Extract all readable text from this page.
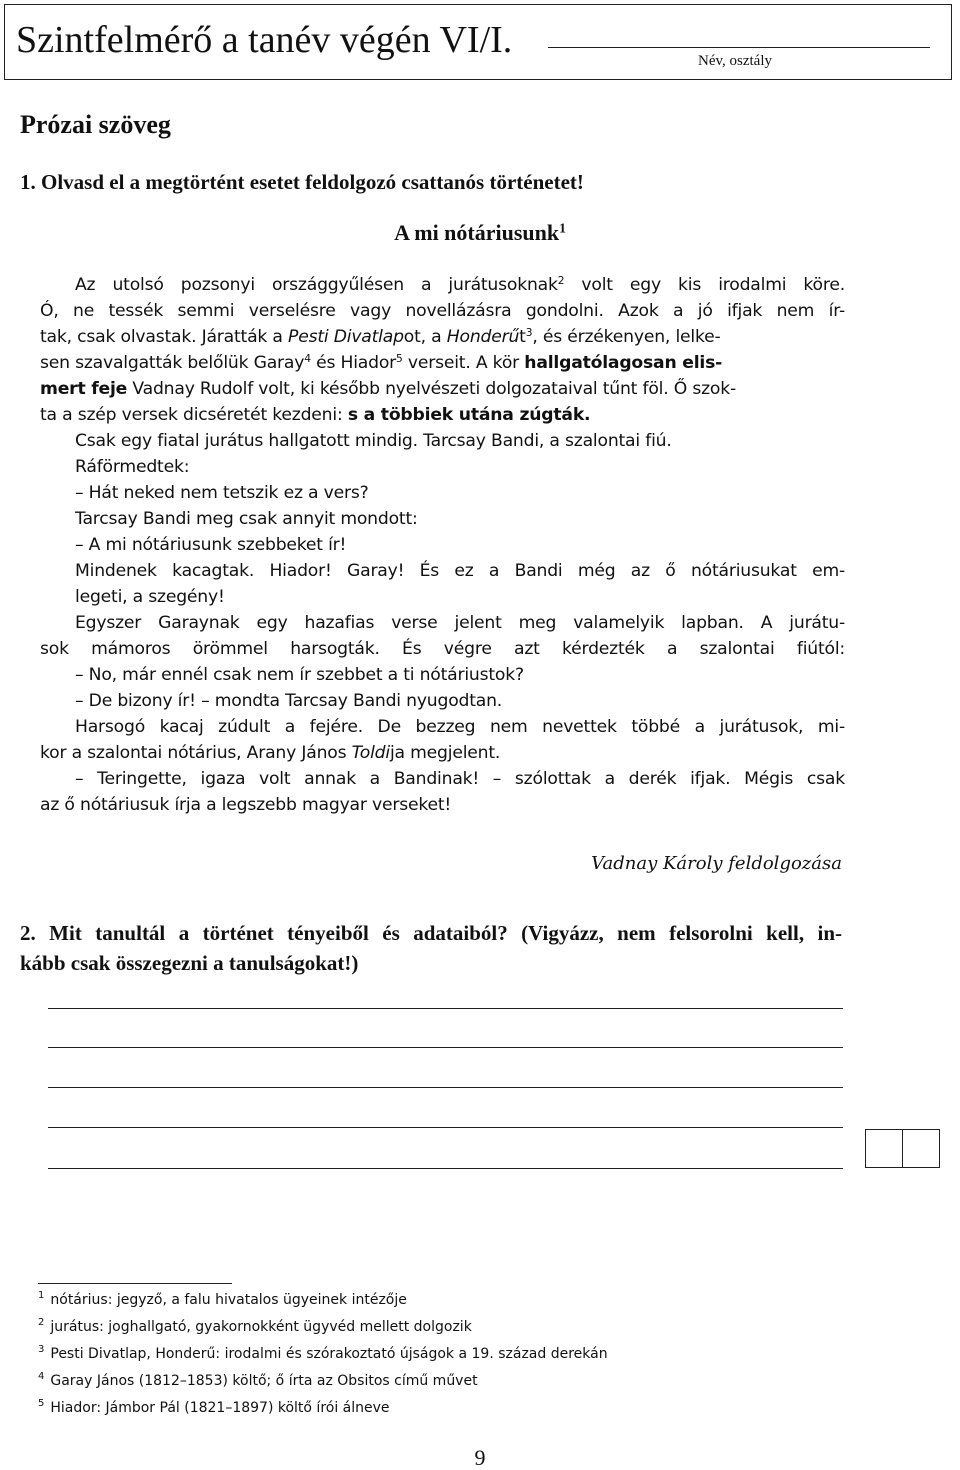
Szintfelmérő a tanév végén VI/I.	Név, osztály
Prózai szöveg
1. Olvasd el a megtörtént esetet feldolgozó csattanós történetet!
A mi nótáriusunk$^1$
Az utolsó pozsonyi országgyűlésen a jurátusoknak$^2$ volt egy kis irodalmi köre.
Ó, ne tessék semmi verselésre vagy novellázásra gondolni. Azok a jó ifjak nem ír-
tak, csak olvastak. Járatták a Pesti Divatlapot, a Honderűt$^3$, és érzékenyen, lelke-
sen szavalgatták belőlük Garay$^4$ és Hiador$^5$ verseit. A kör hallgatólagosan elis-
mert feje Vadnay Rudolf volt, ki később nyelvészeti dolgozataival tűnt föl. Ő szok-
ta a szép versek dicséretét kezdeni: s a többiek utána zúgták.
Csak egy fiatal jurátus hallgatott mindig. Tarcsay Bandi, a szalontai fiú.
Ráförmedtek:
– Hát neked nem tetszik ez a vers?
Tarcsay Bandi meg csak annyit mondott:
– A mi nótáriusunk szebbeket ír!
Mindenek kacagtak. Hiador! Garay! És ez a Bandi még az ő nótáriusukat em-
legeti, a szegény!
Egyszer Garaynak egy hazafias verse jelent meg valamelyik lapban. A jurátu-
sok mámoros örömmel harsogták. És végre azt kérdezték a szalontai fiútól:
– No, már ennél csak nem ír szebbet a ti nótáriustok?
– De bizony ír! – mondta Tarcsay Bandi nyugodtan.
Harsogó kacaj zúdult a fejére. De bezzeg nem nevettek többé a jurátusok, mi-
kor a szalontai nótárius, Arany János Toldija megjelent.
– Teringette, igaza volt annak a Bandinak! – szólottak a derék ifjak. Mégis csak
az ő nótáriusuk írja a legszebb magyar verseket!
Vadnay Károly feldolgozása
2. Mit tanultál a történet tényeiből és adataiból? (Vigyázz, nem felsorolni kell, in-
kább csak összegezni a tanulságokat!)
$^1$ nótárius: jegyző, a falu hivatalos ügyeinek intézője
$^2$ jurátus: joghallgató, gyakornokként ügyvéd mellett dolgozik
$^3$ Pesti Divatlap, Honderű: irodalmi és szórakoztató újságok a 19. század derekán
$^4$ Garay János (1812–1853) költő; ő írta az Obsitos című művet
$^5$ Hiador: Jámbor Pál (1821–1897) költő írói álneve
9
